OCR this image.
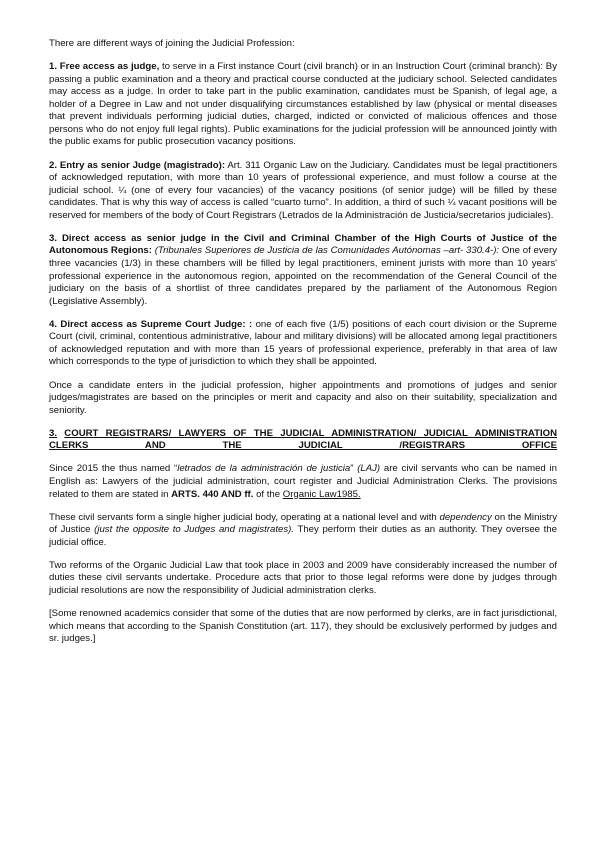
There are different ways of joining the Judicial Profession:

1. Free access as judge, to serve in a First instance Court (civil branch) or in an Instruction Court (criminal branch): By passing a public examination and a theory and practical course conducted at the judiciary school. Selected candidates may access as a judge. In order to take part in the public examination, candidates must be Spanish, of legal age, a holder of a Degree in Law and not under disqualifying circumstances established by law (physical or mental diseases that prevent individuals performing judicial duties, charged, indicted or convicted of malicious offences and those persons who do not enjoy full legal rights). Public examinations for the judicial profession will be announced jointly with the public exams for public prosecution vacancy positions.

2. Entry as senior Judge (magistrado): Art. 311 Organic Law on the Judiciary. Candidates must be legal practitioners of acknowledged reputation, with more than 10 years of professional experience, and must follow a course at the judicial school. ¼ (one of every four vacancies) of the vacancy positions (of senior judge) will be filled by these candidates. That is why this way of access is called “cuarto turno”. In addition, a third of such ¼ vacant positions will be reserved for members of the body of Court Registrars (Letrados de la Administración de Justicia/secretarios judiciales).

3. Direct access as senior judge in the Civil and Criminal Chamber of the High Courts of Justice of the Autonomous Regions: (Tribunales Superiores de Justicia de las Comunidades Autónomas –art- 330.4-): One of every three vacancies (1/3) in these chambers will be filled by legal practitioners, eminent jurists with more than 10 years' professional experience in the autonomous region, appointed on the recommendation of the General Council of the judiciary on the basis of a shortlist of three candidates prepared by the parliament of the Autonomous Region (Legislative Assembly).

4. Direct access as Supreme Court Judge: : one of each five (1/5) positions of each court division or the Supreme Court (civil, criminal, contentious administrative, labour and military divisions) will be allocated among legal practitioners of acknowledged reputation and with more than 15 years of professional experience, preferably in that area of law which corresponds to the type of jurisdiction to which they shall be appointed.

Once a candidate enters in the judicial profession, higher appointments and promotions of judges and senior judges/magistrates are based on the principles or merit and capacity and also on their suitability, specialization and seniority.

3. COURT REGISTRARS/ LAWYERS OF THE JUDICIAL ADMINISTRATION/ JUDICIAL ADMINISTRATION CLERKS AND THE JUDICIAL /REGISTRARS OFFICE

Since 2015 the thus named “letrados de la administración de justicia” (LAJ) are civil servants who can be named in English as: Lawyers of the judicial administration, court register and Judicial Administration Clerks. The provisions related to them are stated in ARTS. 440 AND ff. of the Organic Law1985.

These civil servants form a single higher judicial body, operating at a national level and with dependency on the Ministry of Justice (just the opposite to Judges and magistrates). They perform their duties as an authority. They oversee the judicial office.

Two reforms of the Organic Judicial Law that took place in 2003 and 2009 have considerably increased the number of duties these civil servants undertake. Procedure acts that prior to those legal reforms were done by judges through judicial resolutions are now the responsibility of Judicial administration clerks.

[Some renowned academics consider that some of the duties that are now performed by clerks, are in fact jurisdictional, which means that according to the Spanish Constitution (art. 117), they should be exclusively performed by judges and sr. judges.]
